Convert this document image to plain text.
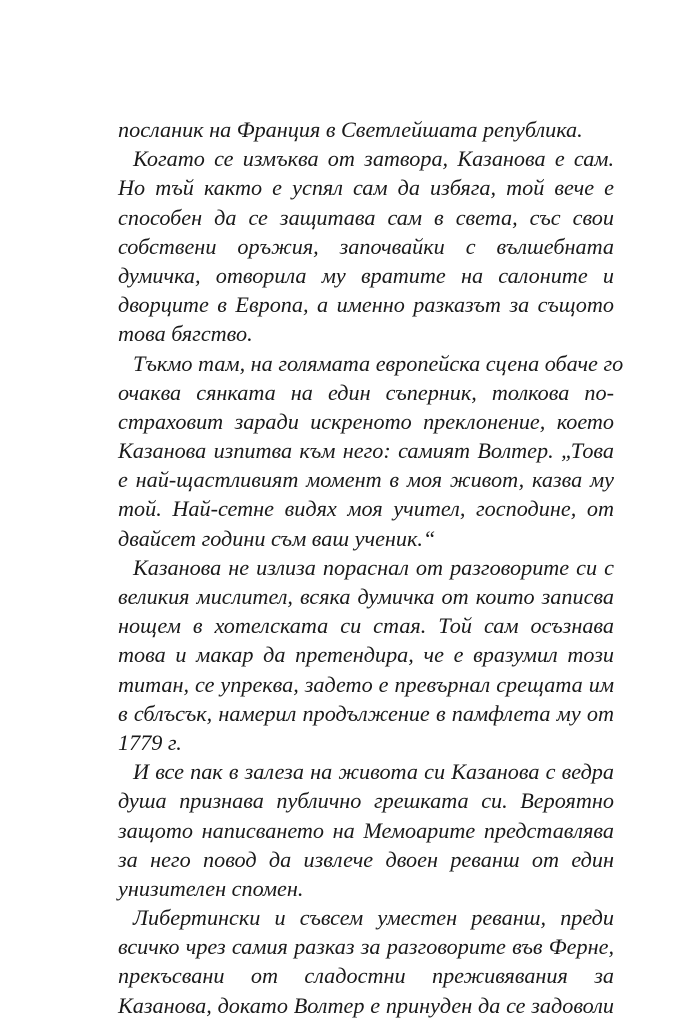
посланик на Франция в Светлейшата република.
Когато се измъква от затвора, Казанова е сам.
Но тъй както е успял сам да избяга, той вече е
способен да се защитава сам в света, със свои
собствени оръжия, започвайки с вълшебната
думичка, отворила му вратите на салоните и
дворците в Европа, а именно разказът за същото
това бягство.
Тъкмо там, на голямата европейска сцена обаче го
очаква сянката на един съперник, толкова по-
страховит заради искреното преклонение, което
Казанова изпитва към него: самият Волтер. „Това
е най-щастливият момент в моя живот, казва му
той. Най-сетне видях моя учител, господине, от
двайсет години съм ваш ученик.“
Казанова не излиза пораснал от разговорите си с
великия мислител, всяка думичка от които записва
нощем в хотелската си стая. Той сам осъзнава
това и макар да претендира, че е вразумил този
титан, се упреква, задето е превърнал срещата им
в сблъсък, намерил продължение в памфлета му от
1779 г.
И все пак в залеза на живота си Казанова с ведра
душа признава публично грешката си. Вероятно
защото написването на Мемоарите представлява
за него повод да извлече двоен реванш от един
унизителен спомен.
Либертински и съвсем уместен реванш, преди
всичко чрез самия разказ за разговорите във Ферне,
прекъсвани от сладостни преживявания за
Казанова, докато Волтер е принуден да се задоволи
